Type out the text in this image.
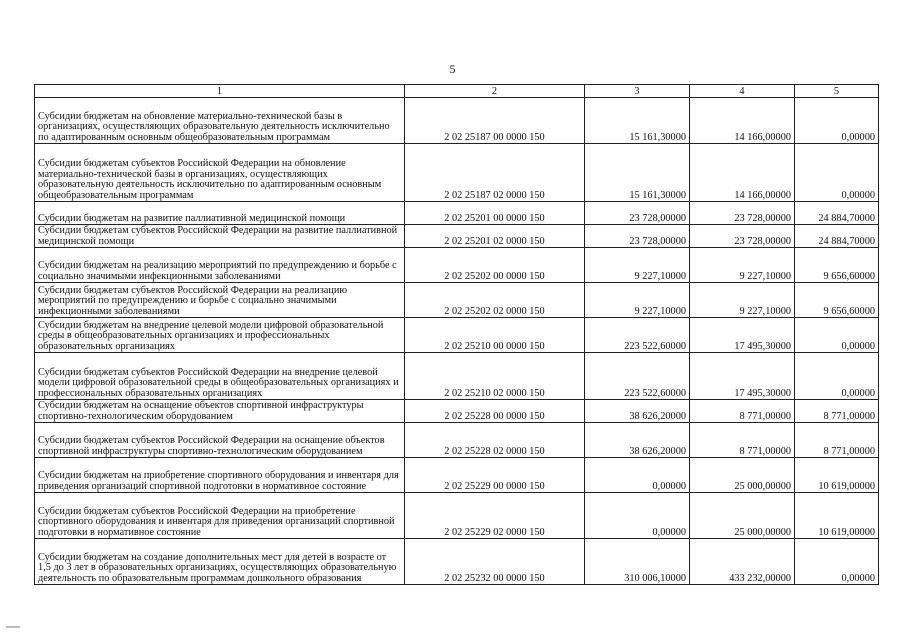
5
1	2	3	4	5
Субсидии бюджетам на обновление материально-технической базы в организациях, осуществляющих образовательную деятельность исключительно по адаптированным основным общеобразовательным программам	2 02 25187 00 0000 150	15 161,30000	14 166,00000	0,00000
Субсидии бюджетам субъектов Российской Федерации на обновление материально-технической базы в организациях, осуществляющих образовательную деятельность исключительно по адаптированным основным общеобразовательным программам	2 02 25187 02 0000 150	15 161,30000	14 166,00000	0,00000
Субсидии бюджетам на развитие паллиативной медицинской помощи	2 02 25201 00 0000 150	23 728,00000	23 728,00000	24 884,70000
Субсидии бюджетам субъектов Российской Федерации на развитие паллиативной медицинской помощи	2 02 25201 02 0000 150	23 728,00000	23 728,00000	24 884,70000
Субсидии бюджетам на реализацию мероприятий по предупреждению и борьбе с социально значимыми инфекционными заболеваниями	2 02 25202 00 0000 150	9 227,10000	9 227,10000	9 656,60000
Субсидии бюджетам субъектов Российской Федерации на реализацию мероприятий по предупреждению и борьбе с социально значимыми инфекционными заболеваниями	2 02 25202 02 0000 150	9 227,10000	9 227,10000	9 656,60000
Субсидии бюджетам на внедрение целевой модели цифровой образовательной среды в общеобразовательных организациях и профессиональных образовательных организациях	2 02 25210 00 0000 150	223 522,60000	17 495,30000	0,00000
Субсидии бюджетам субъектов Российской Федерации на внедрение целевой модели цифровой образовательной среды в общеобразовательных организациях и профессиональных образовательных организациях	2 02 25210 02 0000 150	223 522,60000	17 495,30000	0,00000
Субсидии бюджетам на оснащение объектов спортивной инфраструктуры спортивно-технологическим оборудованием	2 02 25228 00 0000 150	38 626,20000	8 771,00000	8 771,00000
Субсидии бюджетам субъектов Российской Федерации на оснащение объектов спортивной инфраструктуры спортивно-технологическим оборудованием	2 02 25228 02 0000 150	38 626,20000	8 771,00000	8 771,00000
Субсидии бюджетам на приобретение спортивного оборудования и инвентаря для приведения организаций спортивной подготовки в нормативное состояние	2 02 25229 00 0000 150	0,00000	25 000,00000	10 619,00000
Субсидии бюджетам субъектов Российской Федерации на приобретение спортивного оборудования и инвентаря для приведения организаций спортивной подготовки в нормативное состояние	2 02 25229 02 0000 150	0,00000	25 000,00000	10 619,00000
Субсидии бюджетам на создание дополнительных мест для детей в возрасте от 1,5 до 3 лет в образовательных организациях, осуществляющих образовательную деятельность по образовательным программам дошкольного образования	2 02 25232 00 0000 150	310 006,10000	433 232,00000	0,00000
